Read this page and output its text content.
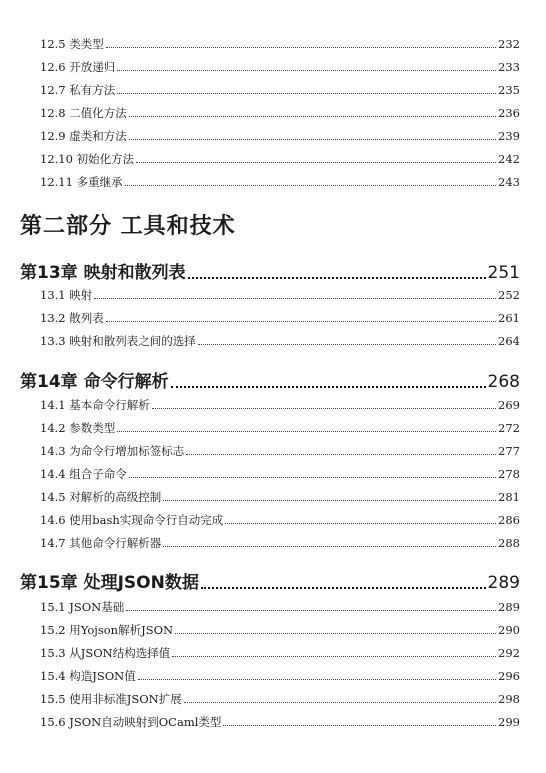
12.5 类类型	232
12.6 开放递归	233
12.7 私有方法	235
12.8 二值化方法	236
12.9 虚类和方法	239
12.10 初始化方法	242
12.11 多重继承	243
第二部分 工具和技术
第13章 映射和散列表	251
13.1 映射	252
13.2 散列表	261
13.3 映射和散列表之间的选择	264
第14章 命令行解析	268
14.1 基本命令行解析	269
14.2 参数类型	272
14.3 为命令行增加标签标志	277
14.4 组合子命令	278
14.5 对解析的高级控制	281
14.6 使用bash实现命令行自动完成	286
14.7 其他命令行解析器	288
第15章 处理JSON数据	289
15.1 JSON基础	289
15.2 用Yojson解析JSON	290
15.3 从JSON结构选择值	292
15.4 构造JSON值	296
15.5 使用非标准JSON扩展	298
15.6 JSON自动映射到OCaml类型	299
